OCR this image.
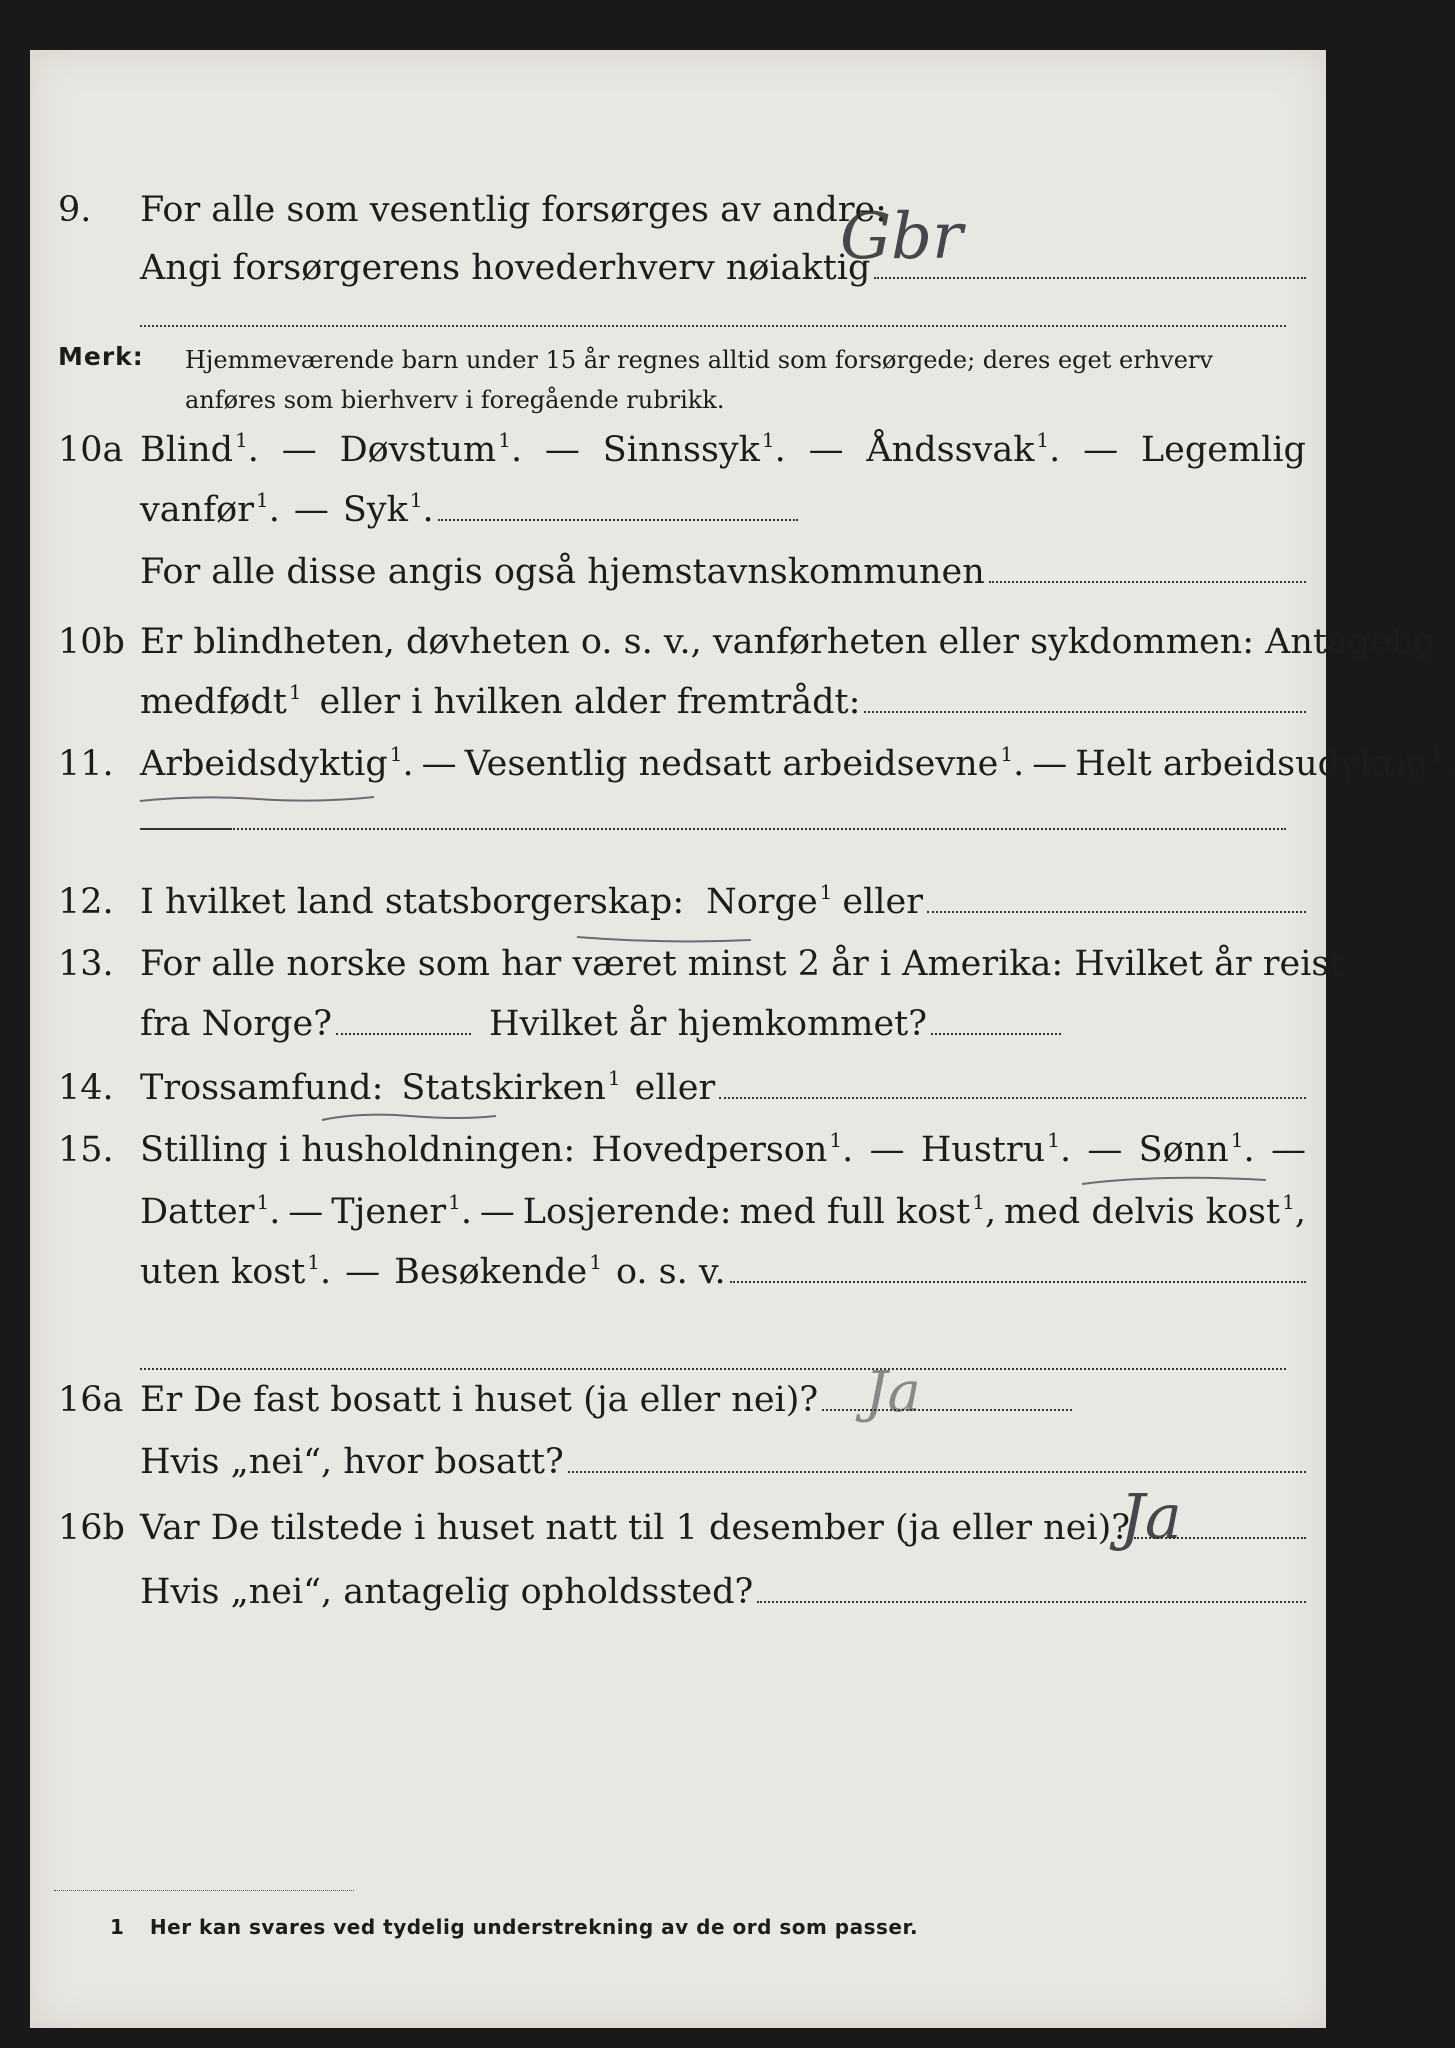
9. For alle som vesentlig forsørges av andre:
Angi forsørgerens hovederhverv nøiaktig
Gbr
Merk: Hjemmeværende barn under 15 år regnes alltid som forsørgede; deres eget erhverv anføres som bierhverv i foregående rubrikk.
10a Blind $^1$. — Døvstum $^1$. — Sinnssyk $^1$. — Åndssvak $^1$. — Legemlig
vanfør $^1$. — Syk $^1$.
For alle disse angis også hjemstavnskommunen
10b Er blindheten, døvheten o. s. v., vanførheten eller sykdommen: Antagelig
medfødt $^1$ eller i hvilken alder fremtrådt:
11. Arbeidsdyktig $^1$. — Vesentlig nedsatt arbeidsevne $^1$. — Helt arbeidsudyktig $^1$.
12. I hvilket land statsborgerskap: Norge $^1$ eller
13. For alle norske som har været minst 2 år i Amerika: Hvilket år reist
fra Norge?	Hvilket år hjemkommet?
14. Trossamfund: Statskirken $^1$ eller
15. Stilling i husholdningen: Hovedperson $^1$. — Hustru $^1$. — Sønn $^1$. —
Datter $^1$. — Tjener $^1$. — Losjerende: med full kost $^1$, med delvis kost $^1$,
uten kost $^1$. — Besøkende $^1$ o. s. v.
16a Er De fast bosatt i huset (ja eller nei)? Ja
Hvis „nei“, hvor bosatt?
16b Var De tilstede i huset natt til 1 desember (ja eller nei)?
Ja
Hvis „nei“, antagelig opholdssted?
1 Her kan svares ved tydelig understrekning av de ord som passer.
